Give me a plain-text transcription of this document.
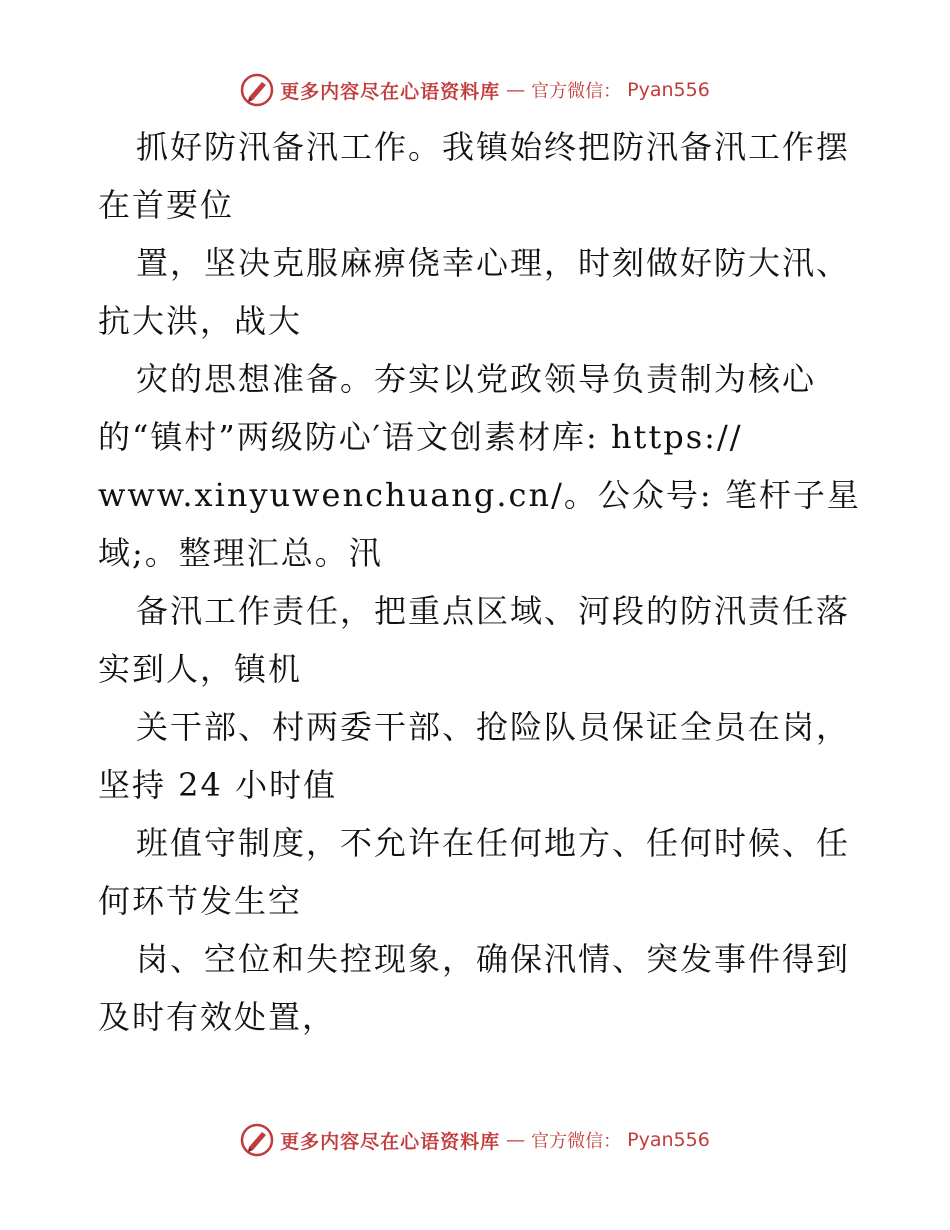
更多内容尽在心语资料库 — 官方微信： Pyan556
抓好防汛备汛工作。我镇始终把防汛备汛工作摆
在首要位
置，坚决克服麻痹侥幸心理，时刻做好防大汛、
抗大洪，战大
灾的思想准备。夯实以党政领导负责制为核心
的“镇村”两级防心′语文创素材库: https://
www.xinyuwenchuang.cn/。公众号: 笔杆子星
域;。整理汇总。汛
备汛工作责任，把重点区域、河段的防汛责任落
实到人，镇机
关干部、村两委干部、抢险队员保证全员在岗，
坚持 24 小时值
班值守制度，不允许在任何地方、任何时候、任
何环节发生空
岗、空位和失控现象，确保汛情、突发事件得到
及时有效处置，
更多内容尽在心语资料库 — 官方微信： Pyan556
